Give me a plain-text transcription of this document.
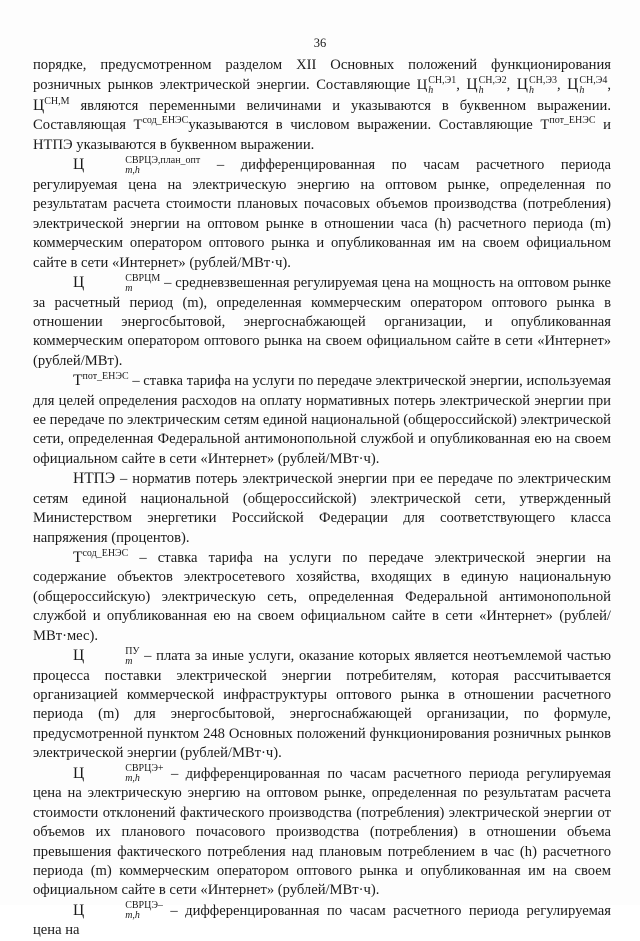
36

порядке, предусмотренном разделом XII Основных положений функционирования розничных рынков электрической энергии. Составляющие Ц СН,Э1
h	, Ц СН,Э2
h	, Ц СН,Э3
h	, Ц СН,Э4
h	, $Ц^{СН,М}$ являются переменными величинами и указываются в буквенном выражении. Составляющая $Т^{сод\_ЕНЭС}указываются$ в числовом выражении. Составляющие $Т^{пот\_ЕНЭС}$ и НТПЭ указываются в буквенном выражении.

Ц	СВРЦЭ,план_опт
m,h	– дифференцированная по часам расчетного периода регулируемая цена на электрическую энергию на оптовом рынке, определенная по результатам расчета стоимости плановых почасовых объемов производства (потребления) электрической энергии на оптовом рынке в отношении часа (h) расчетного периода (m) коммерческим оператором оптового рынка и опубликованная им на своем официальном сайте в сети «Интернет» (рублей/МВт·ч).

Ц	СВРЦМ
m	– средневзвешенная регулируемая цена на мощность на оптовом рынке за расчетный период (m), определенная коммерческим оператором оптового рынка в отношении энергосбытовой, энергоснабжающей организации, и опубликованная коммерческим оператором оптового рынка на своем официальном сайте в сети «Интернет» (рублей/МВт).

$Т^{пот\_ЕНЭС}$ – ставка тарифа на услуги по передаче электрической энергии, используемая для целей определения расходов на оплату нормативных потерь электрической энергии при ее передаче по электрическим сетям единой национальной (общероссийской) электрической сети, определенная Федеральной антимонопольной службой и опубликованная ею на своем официальном сайте в сети «Интернет» (рублей/МВт·ч).

НТПЭ – норматив потерь электрической энергии при ее передаче по электрическим сетям единой национальной (общероссийской) электрической сети, утвержденный Министерством энергетики Российской Федерации для соответствующего класса напряжения (процентов).

$Т^{сод\_ЕНЭС}$ – ставка тарифа на услуги по передаче электрической энергии на содержание объектов электросетевого хозяйства, входящих в единую национальную (общероссийскую) электрическую сеть, определенная Федеральной антимонопольной службой и опубликованная ею на своем официальном сайте в сети «Интернет» (рублей/МВт·мес).

Ц	ПУ
m – плата за иные услуги, оказание которых является неотъемлемой частью процесса поставки электрической энергии потребителям, которая рассчитывается организацией коммерческой инфраструктуры оптового рынка в отношении расчетного периода (m) для энергосбытовой, энергоснабжающей организации, по формуле, предусмотренной пунктом 248 Основных положений функционирования розничных рынков электрической энергии (рублей/МВт·ч).

Ц	СВРЦЭ+
m,h	– дифференцированная по часам расчетного периода регулируемая цена на электрическую энергию на оптовом рынке, определенная по результатам расчета стоимости отклонений фактического производства (потребления) электрической энергии от объемов их планового почасового производства (потребления) в отношении объема превышения фактического потребления над плановым потреблением в час (h) расчетного периода (m) коммерческим оператором оптового рынка и опубликованная им на своем официальном сайте в сети «Интернет» (рублей/МВт·ч).

Ц	СВРЦЭ–
m,h	– дифференцированная по часам расчетного периода регулируемая цена на
